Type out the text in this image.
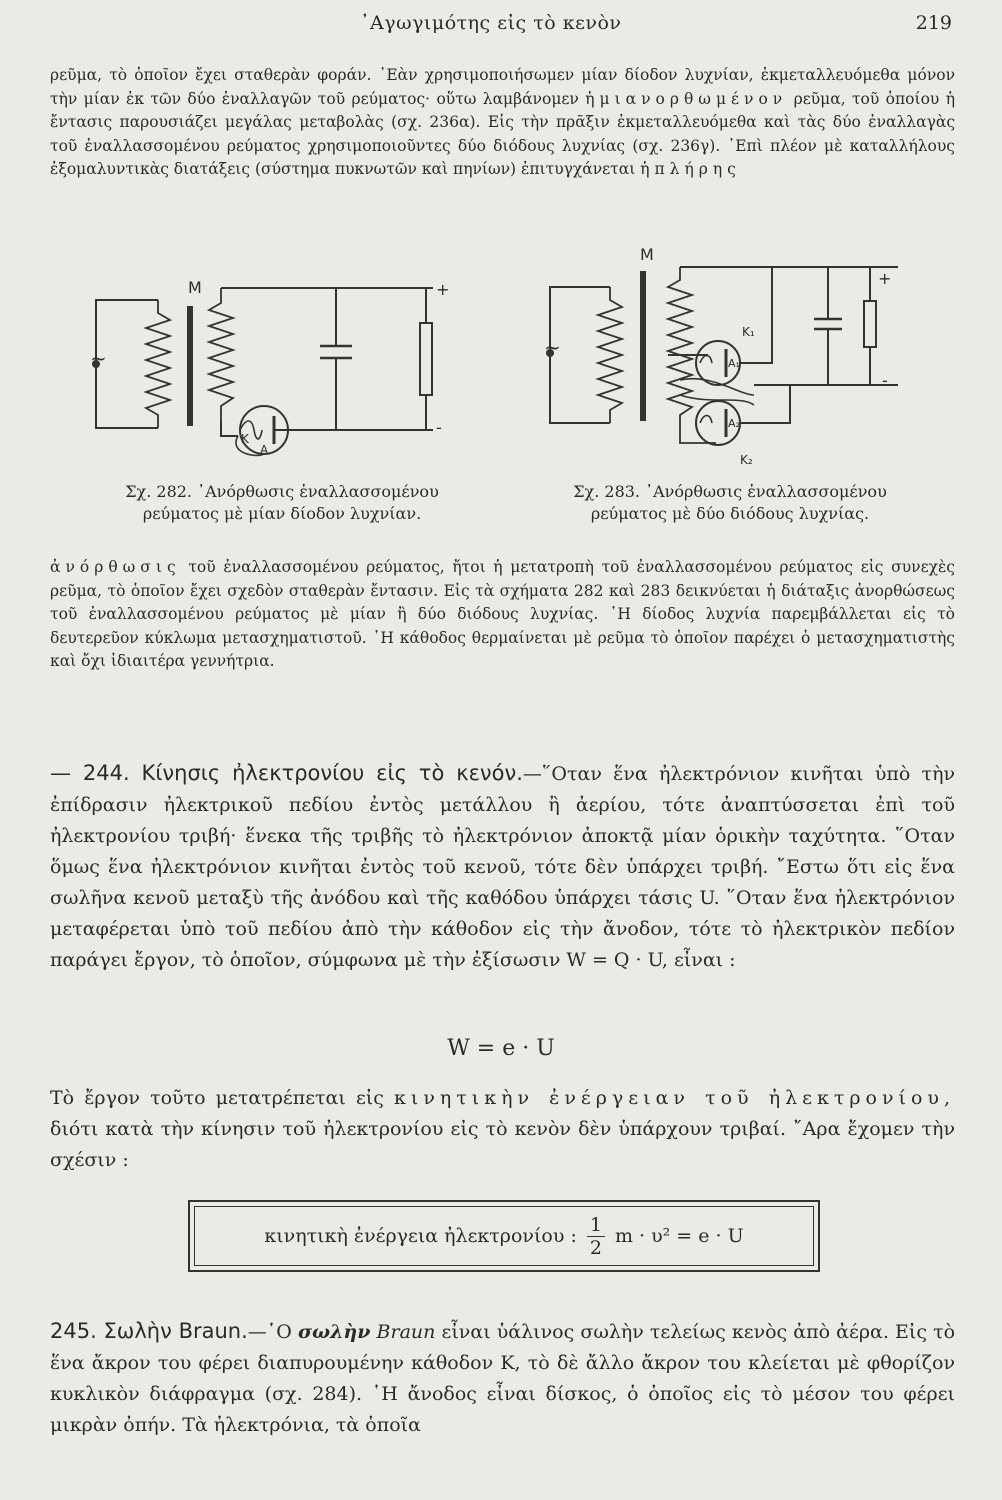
᾿Αγωγιμότης εἰς τὸ κενὸν	219
ρεῦμα, τὸ ὁποῖον ἔχει σταθερὰν φοράν. ᾿Εὰν χρησιμοποιήσωμεν μίαν δίοδον λυχνίαν, ἐκμεταλλευόμεθα μόνον τὴν μίαν ἐκ τῶν δύο ἐναλλαγῶν τοῦ ρεύματος· οὕτω λαμβάνομεν ἡμιανορθωμένον ρεῦμα, τοῦ ὁποίου ἡ ἔντασις παρουσιάζει μεγάλας μεταβολὰς (σχ. 236α). Εἰς τὴν πρᾶξιν ἐκμεταλλευόμεθα καὶ τὰς δύο ἐναλλαγὰς τοῦ ἐναλλασσομένου ρεύματος χρησιμοποιοῦντες δύο διόδους λυχνίας (σχ. 236γ). ᾿Επὶ πλέον μὲ καταλλήλους ἐξομαλυντικὰς διατάξεις (σύστημα πυκνωτῶν καὶ πηνίων) ἐπιτυγχάνεται ἡ πλήρης
M	+
-
~
K
A
Σχ. 282. ᾿Ανόρθωσις ἐναλλασσομένου
ρεύματος μὲ μίαν δίοδον λυχνίαν.
M
+
-
~
K₁
K₂
A₁
A₂
Σχ. 283. ᾿Ανόρθωσις ἐναλλασσομένου
ρεύματος μὲ δύο διόδους λυχνίας.
ἀνόρθωσις τοῦ ἐναλλασσομένου ρεύματος, ἤτοι ἡ μετατροπὴ τοῦ ἐναλλασσομένου ρεύματος εἰς συνεχὲς ρεῦμα, τὸ ὁποῖον ἔχει σχεδὸν σταθερὰν ἔντασιν. Εἰς τὰ σχήματα 282 καὶ 283 δεικνύεται ἡ διάταξις ἀνορθώσεως τοῦ ἐναλλασσομένου ρεύματος μὲ μίαν ἢ δύο διόδους λυχνίας. ῾Η δίοδος λυχνία παρεμβάλλεται εἰς τὸ δευτερεῦον κύκλωμα μετασχηματιστοῦ. ῾Η κάθοδος θερμαίνεται μὲ ρεῦμα τὸ ὁποῖον παρέχει ὁ μετασχηματιστὴς καὶ ὄχι ἰδιαιτέρα γεννήτρια.
— 244. Κίνησις ἠλεκτρονίου εἰς τὸ κενόν.—῞Οταν ἕνα ἠλεκτρόνιον κινῆται ὑπὸ τὴν ἐπίδρασιν ἠλεκτρικοῦ πεδίου ἐντὸς μετάλλου ἢ ἀερίου, τότε ἀναπτύσσεται ἐπὶ τοῦ ἠλεκτρονίου τριβή· ἕνεκα τῆς τριβῆς τὸ ἠλεκτρόνιον ἀποκτᾷ μίαν ὁρικὴν ταχύτητα. ῞Οταν ὅμως ἕνα ἠλεκτρόνιον κινῆται ἐντὸς τοῦ κενοῦ, τότε δὲν ὑπάρχει τριβή. ῎Εστω ὅτι εἰς ἕνα σωλῆνα κενοῦ μεταξὺ τῆς ἀνόδου καὶ τῆς καθόδου ὑπάρχει τάσις U. ῞Οταν ἕνα ἠλεκτρόνιον μεταφέρεται ὑπὸ τοῦ πεδίου ἀπὸ τὴν κάθοδον εἰς τὴν ἄνοδον, τότε τὸ ἠλεκτρικὸν πεδίον παράγει ἔργον, τὸ ὁποῖον, σύμφωνα μὲ τὴν ἐξίσωσιν W = Q · U, εἶναι :
W = e · U
Τὸ ἔργον τοῦτο μετατρέπεται εἰς κινητικὴν ἐνέργειαν τοῦ ἠλεκτρονίου, διότι κατὰ τὴν κίνησιν τοῦ ἠλεκτρονίου εἰς τὸ κενὸν δὲν ὑπάρχουν τριβαί. ῎Αρα ἔχομεν τὴν σχέσιν :
κινητικὴ ἐνέργεια ἠλεκτρονίου : $\frac{1}{2}$ m · υ² = e · U
245. Σωλὴν Braun.—῾Ο σωλὴν Braun εἶναι ὑάλινος σωλὴν τελείως κενὸς ἀπὸ ἀέρα. Εἰς τὸ ἕνα ἄκρον του φέρει διαπυρουμένην κάθοδον Κ, τὸ δὲ ἄλλο ἄκρον του κλείεται μὲ φθορίζον κυκλικὸν διάφραγμα (σχ. 284). ῾Η ἄνοδος εἶναι δίσκος, ὁ ὁποῖος εἰς τὸ μέσον του φέρει μικρὰν ὀπήν. Τὰ ἠλεκτρόνια, τὰ ὁποῖα
